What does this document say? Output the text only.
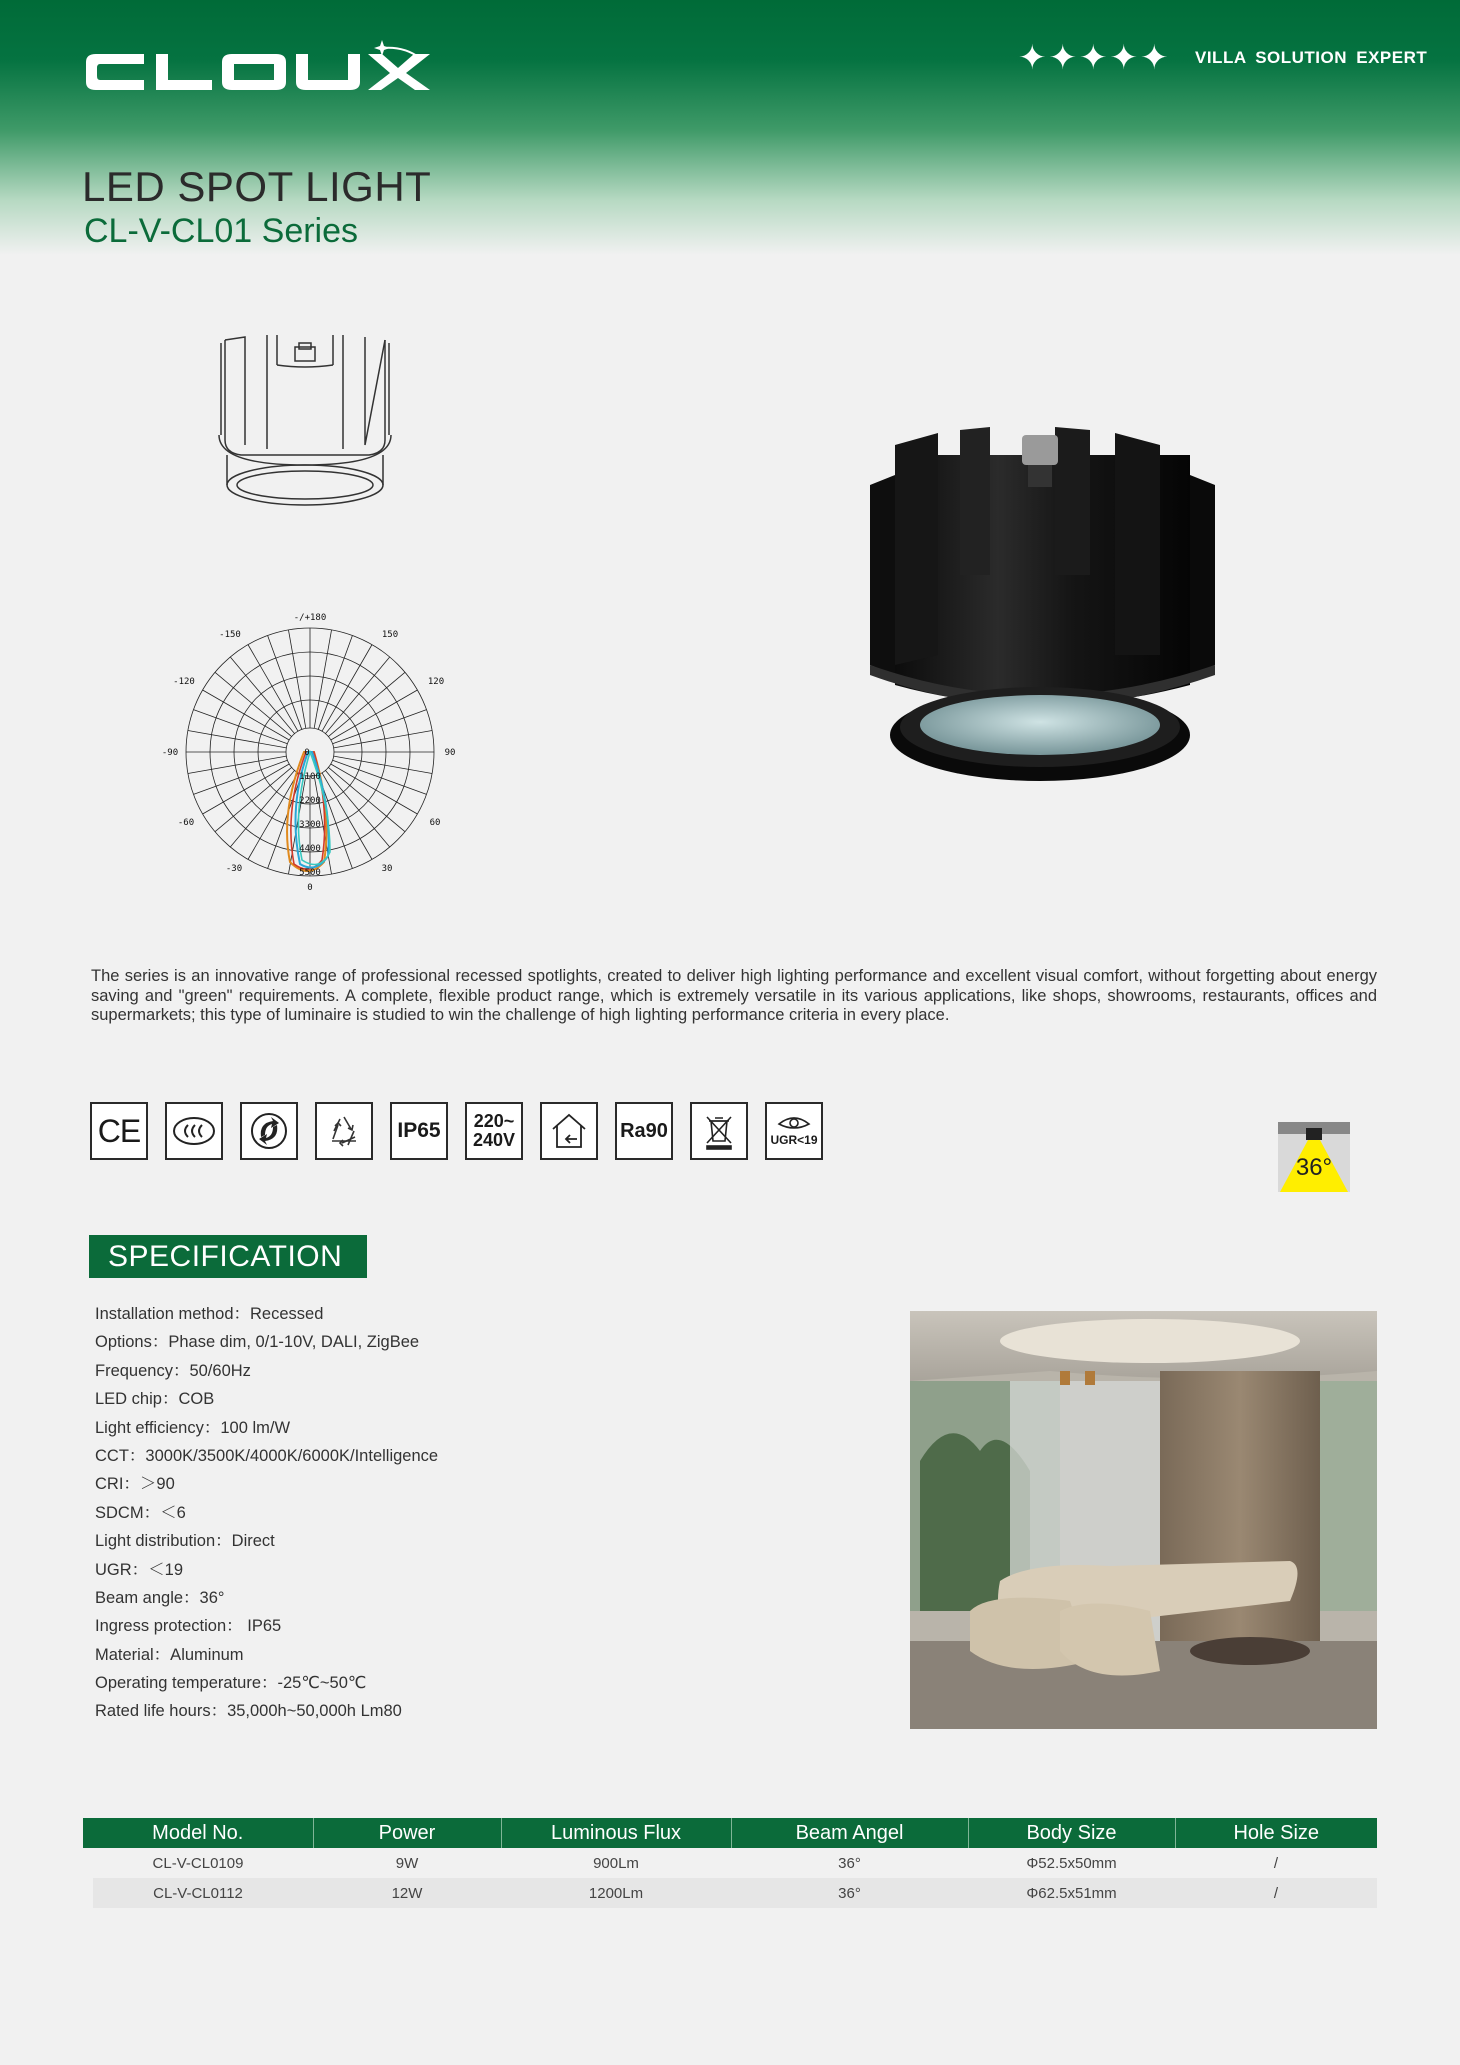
✦✦✦✦✦ VILLA SOLUTION EXPERT
LED SPOT LIGHT
CL-V-CL01 Series
-/+180
-150	150
-120	120
-90	90
-60	60
-30	30
0
0
1100
2200
3300
4400
5500

The series is an innovative range of professional recessed spotlights, created to deliver high lighting performance and excellent visual comfort, without forgetting about energy saving and "green" requirements. A complete, flexible product range, which is extremely versatile in its various applications, like shops, showrooms, restaurants, offices and supermarkets; this type of luminaire is studied to win the challenge of high lighting performance criteria in every place.

CE	IP65 220~
240V	Ra90	UGR<19
36°
SPECIFICATION
Installation method：Recessed
Options：Phase dim, 0/1-10V, DALI, ZigBee
Frequency：50/60Hz
LED chip：COB
Light efficiency：100 lm/W
CCT：3000K/3500K/4000K/6000K/Intelligence
CRI：＞90
SDCM：＜6
Light distribution：Direct
UGR：＜19
Beam angle：36°
Ingress protection： IP65
Material：Aluminum
Operating temperature：-25℃~50℃
Rated life hours：35,000h~50,000h Lm80
Model No.	Power	Luminous Flux	Beam Angel	Body Size	Hole Size
CL-V-CL0109	9W	900Lm	36°	Φ52.5x50mm	/
CL-V-CL0112	12W	1200Lm	36°	Φ62.5x51mm	/
